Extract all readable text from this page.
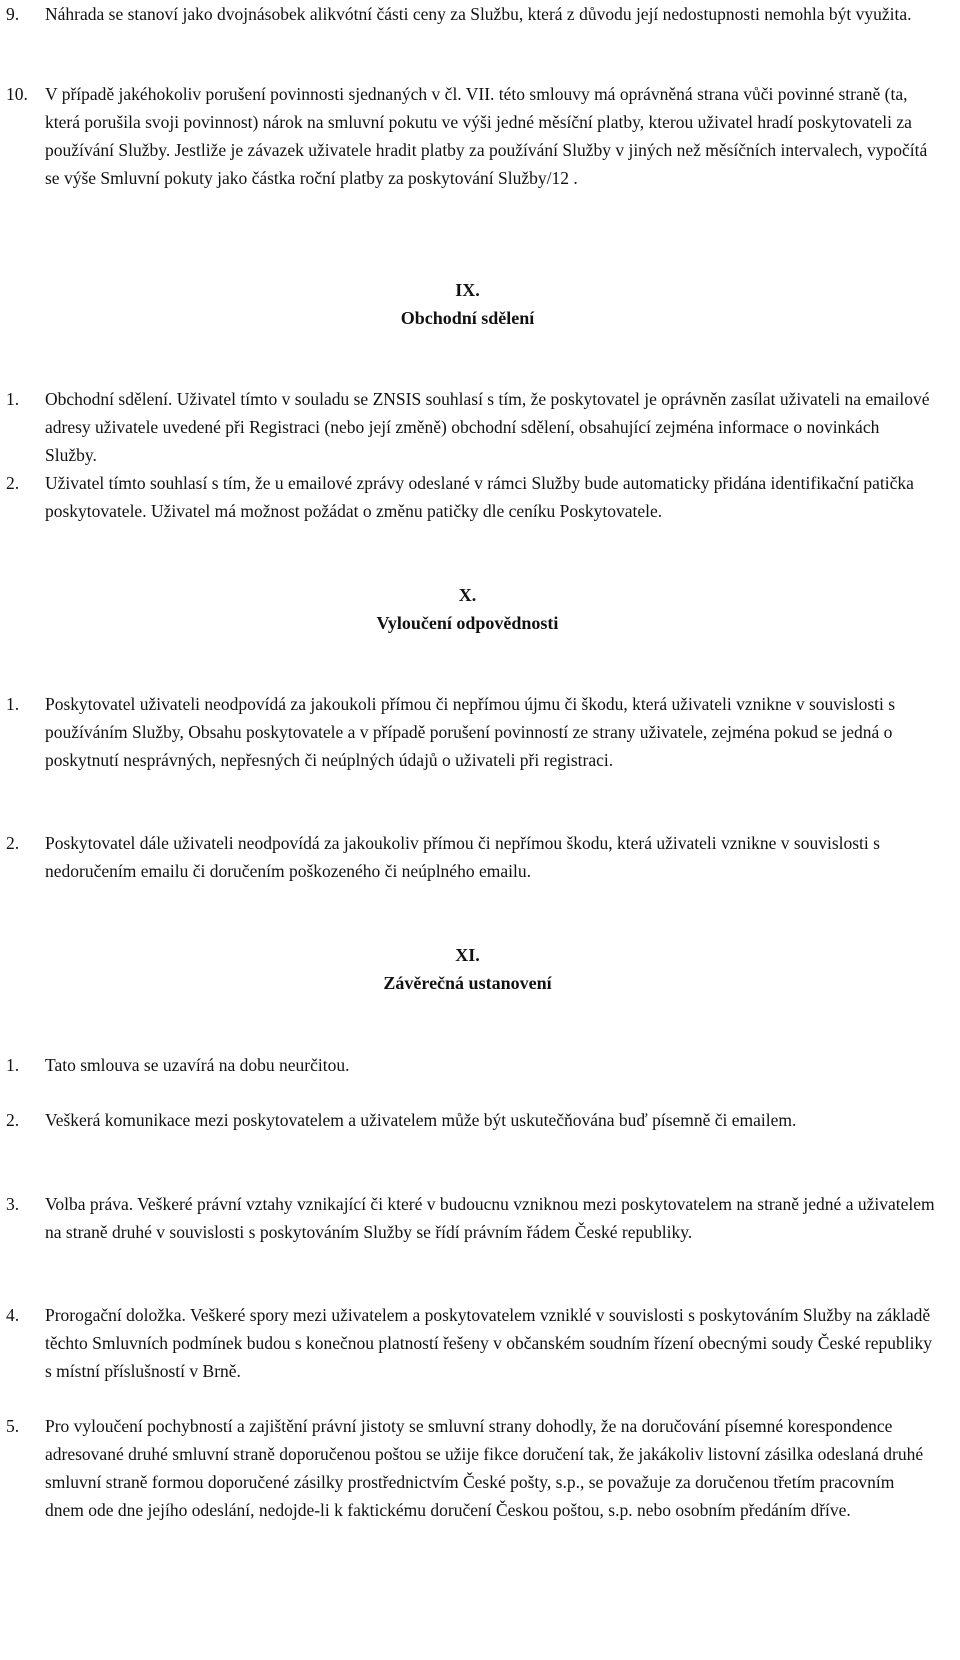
9.	Náhrada se stanoví jako dvojnásobek alikvótní části ceny za Službu, která z důvodu její nedostupnosti nemohla být využita.
10. V případě jakéhokoliv porušení povinnosti sjednaných v čl. VII. této smlouvy má oprávněná strana vůči povinné straně (ta, která porušila svoji povinnost) nárok na smluvní pokutu ve výši jedné měsíční platby, kterou uživatel hradí poskytovateli za používání Služby. Jestliže je závazek uživatele hradit platby za používání Služby v jiných než měsíčních intervalech, vypočítá se výše Smluvní pokuty jako částka roční platby za poskytování Služby/12 .
IX.
Obchodní sdělení
1.	Obchodní sdělení. Uživatel tímto v souladu se ZNSIS souhlasí s tím, že poskytovatel je oprávněn zasílat uživateli na emailové adresy uživatele uvedené při Registraci (nebo její změně) obchodní sdělení, obsahující zejména informace o novinkách Služby.
2.	Uživatel tímto souhlasí s tím, že u emailové zprávy odeslané v rámci Služby bude automaticky přidána identifikační patička poskytovatele. Uživatel má možnost požádat o změnu patičky dle ceníku Poskytovatele.
X.
Vyloučení odpovědnosti
1.	Poskytovatel uživateli neodpovídá za jakoukoli přímou či nepřímou újmu či škodu, která uživateli vznikne v souvislosti s používáním Služby, Obsahu poskytovatele a v případě porušení povinností ze strany uživatele, zejména pokud se jedná o poskytnutí nesprávných, nepřesných či neúplných údajů o uživateli při registraci.
2.	Poskytovatel dále uživateli neodpovídá za jakoukoliv přímou či nepřímou škodu, která uživateli vznikne v souvislosti s nedoručením emailu či doručením poškozeného či neúplného emailu.
XI.
Závěrečná ustanovení
1.	Tato smlouva se uzavírá na dobu neurčitou.
2.	Veškerá komunikace mezi poskytovatelem a uživatelem může být uskutečňována buď písemně či emailem.
3.	Volba práva. Veškeré právní vztahy vznikající či které v budoucnu vzniknou mezi poskytovatelem na straně jedné a uživatelem na straně druhé v souvislosti s poskytováním Služby se řídí právním řádem České republiky.
4.	Prorogační doložka. Veškeré spory mezi uživatelem a poskytovatelem vzniklé v souvislosti s poskytováním Služby na základě těchto Smluvních podmínek budou s konečnou platností řešeny v občanském soudním řízení obecnými soudy České republiky s místní příslušností v Brně.
5.	Pro vyloučení pochybností a zajištění právní jistoty se smluvní strany dohodly, že na doručování písemné korespondence adresované druhé smluvní straně doporučenou poštou se užije fikce doručení tak, že jakákoliv listovní zásilka odeslaná druhé smluvní straně formou doporučené zásilky prostřednictvím České pošty, s.p., se považuje za doručenou třetím pracovním dnem ode dne jejího odeslání, nedojde-li k faktickému doručení Českou poštou, s.p. nebo osobním předáním dříve.
